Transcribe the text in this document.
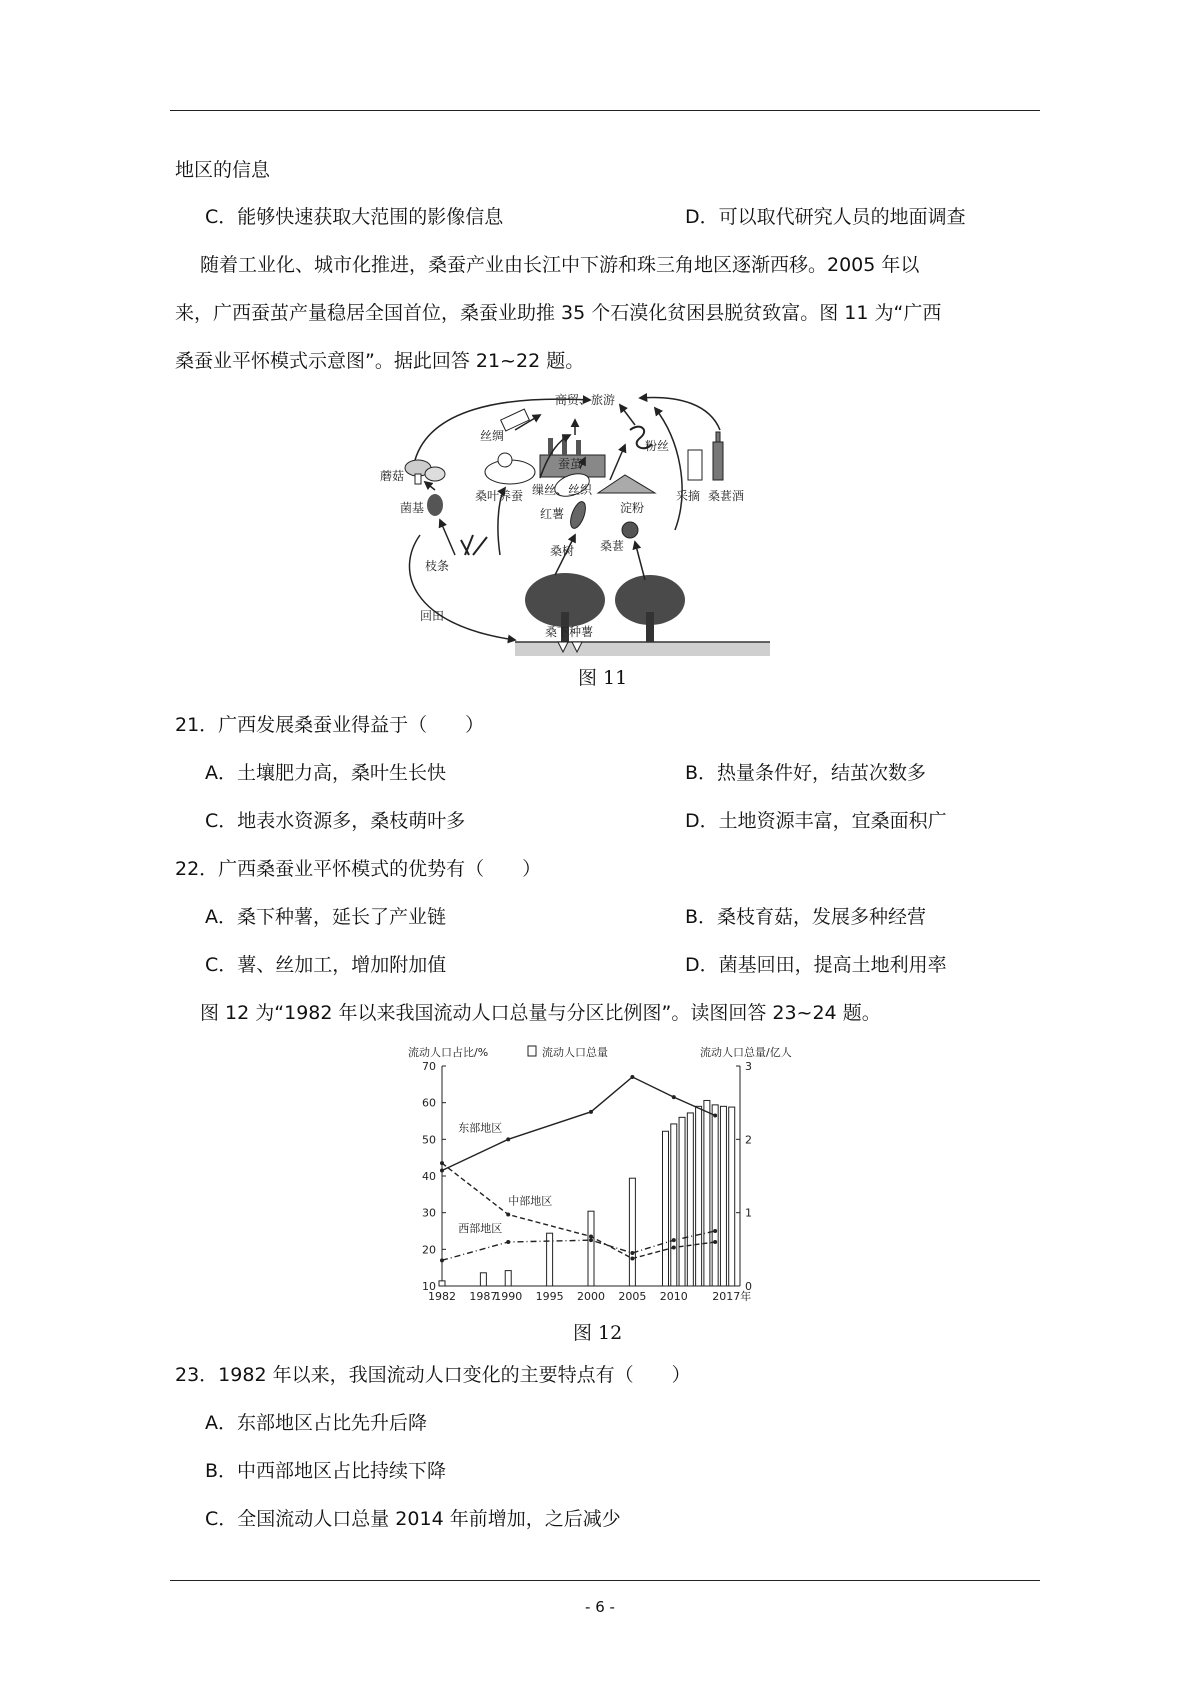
地区的信息
C．能够快速获取大范围的影像信息	D．可以取代研究人员的地面调查
随着工业化、城市化推进，桑蚕产业由长江中下游和珠三角地区逐渐西移。2005 年以
来，广西蚕茧产量稳居全国首位，桑蚕业助推 35 个石漠化贫困县脱贫致富。图 11 为“广西
桑蚕业平怀模式示意图”。据此回答 21~22 题。
商贸、旅游
丝绸
缫丝、丝织
蘑菇
蚕茧
粉丝
菌基
桑叶养蚕
红薯	淀粉
采摘 桑葚酒
桑树 桑葚
枝条
回田
桑下种薯
图 11
21．广西发展桑蚕业得益于（　　）
A．土壤肥力高，桑叶生长快	B．热量条件好，结茧次数多
C．地表水资源多，桑枝萌叶多	D．土地资源丰富，宜桑面积广
22．广西桑蚕业平怀模式的优势有（　　）
A．桑下种薯，延长了产业链	B．桑枝育菇，发展多种经营
C．薯、丝加工，增加附加值	D．菌基回田，提高土地利用率
图 12 为“1982 年以来我国流动人口总量与分区比例图”。读图回答 23~24 题。
10
20
30
40
50
60
70
0
1
2
3
1982 1987
1990 1995 2000 2005 2010 2017年
东部地区
中部地区
西部地区
流动人口占比/%	流动人口总量/亿人
流动人口总量
图 12
23．1982 年以来，我国流动人口变化的主要特点有（　　）
A．东部地区占比先升后降
B．中西部地区占比持续下降
C．全国流动人口总量 2014 年前增加，之后减少
- 6 -
